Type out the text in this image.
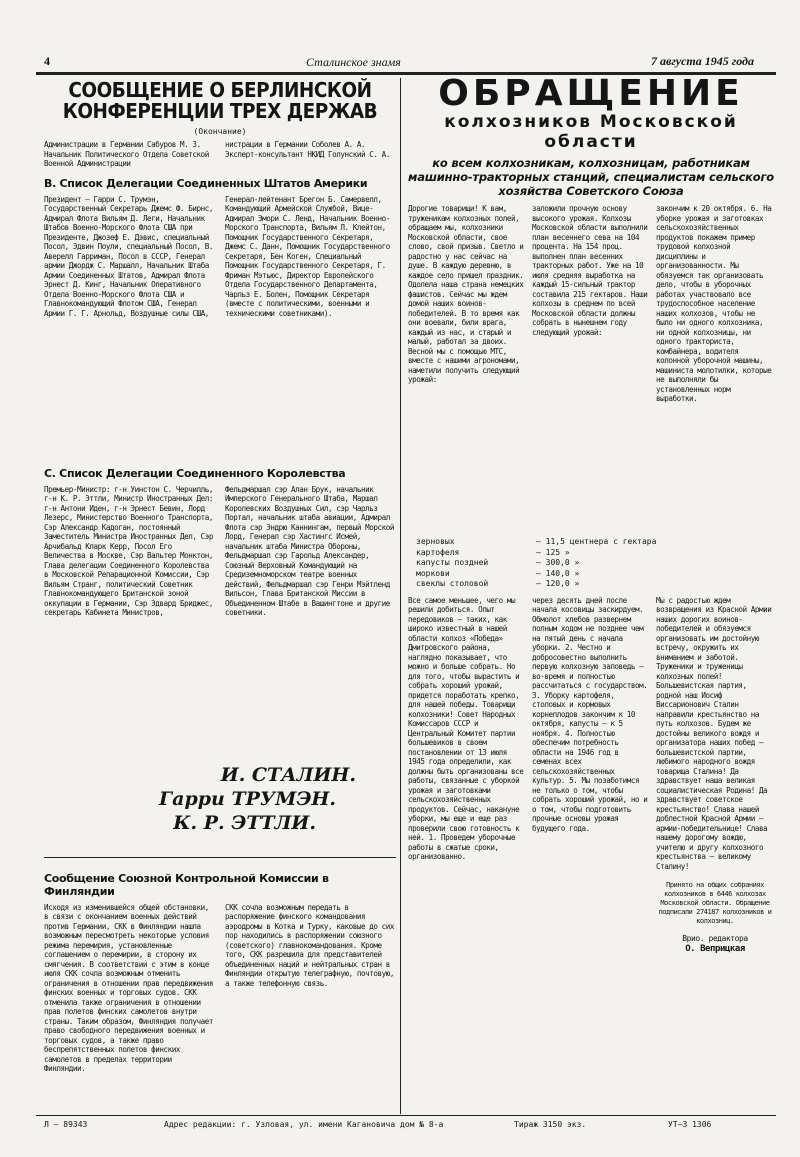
4	Сталинское знамя	7 августа 1945 года
СООБЩЕНИЕ О БЕРЛИНСКОЙ КОНФЕРЕНЦИИ ТРЕХ ДЕРЖАВ
(Окончание)
Администрации в Германии Сабуров М. З. Начальник Политического Отдела Советской Военной Администрации
нистрации в Германии Соболев А. А. Эксперт-консультант НКИД Голунский С. А.
В. Список Делегации Соединенных Штатов Америки
Президент — Гарри С. Трумэн, Государственный Секретарь Джемс Ф. Бирнс, Адмирал Флота Вильям Д. Леги, Начальник Штабов Военно-Морского Флота США при Президенте, Джозеф Е. Дэвис, специальный Посол, Эдвин Поули, специальный Посол, В. Аверелл Гарриман, Посол в СССР, Генерал армии Джордж С. Маршалл, Начальник Штаба Армии Соединенных Штатов, Адмирал Флота Эрнест Д. Кинг, Начальник Оперативного Отдела Военно-Морского Флота США и Главнокомандующий Флотом США, Генерал Армии Г. Г. Арнольд, Воздушные силы США,
Генерал-лейтенант Брегон Б. Самервелл, Командующий Армейской Службой, Вице-Адмирал Эмори С. Ленд, Начальник Военно-Морского Транспорта, Вильям Л. Клейтон, Помощник Государственного Секретаря, Джемс С. Данн, Помощник Государственного Секретаря, Бен Коген, Специальный Помощник Государственного Секретаря, Г. Фриман Мэтьюс, Директор Европейского Отдела Государственного Департамента, Чарльз Е. Болен, Помощник Секретаря (вместе с политическими, военными и техническими советниками).
С. Список Делегации Соединенного Королевства
Премьер-Министр: г-н Уинстон С. Черчилль, г-н К. Р. Эттли, Министр Иностранных Дел: г-н Антони Иден, г-н Эрнест Бевин, Лорд Лезерс, Министерство Военного Транспорта, Сэр Александр Кадоган, постоянный Заместитель Министра Иностранных Дел, Сэр Арчибальд Кларк Керр, Посол Его Величества в Москве, Сэр Вальтер Монктон, Глава делегации Соединенного Королевства в Московской Репарационной Комиссии, Сэр Вильям Странг, политический Советник Главнокомандующего Британской зоной оккупации в Германии, Сэр Эдвард Бриджес, секретарь Кабинета Министров,
Фельдмаршал сэр Алан Брук, начальник Имперского Генерального Штаба, Маршал Королевских Воздушных Сил, сэр Чарльз Портал, начальник штаба авиации, Адмирал Флота сэр Эндрю Каннингам, первый Морской Лорд, Генерал сэр Хастингс Исмей, начальник штаба Министра Обороны, Фельдмаршал сэр Гарольд Александер, Союзный Верховный Командующий на Средиземноморском театре военных действий, Фельдмаршал сэр Генри Мэйтленд Вильсон, Глава Британской Миссии в Объединенном Штабе в Вашингтоне и другие советники.
И. СТАЛИН.
Гарри ТРУМЭН.
К. Р. ЭТТЛИ.
Сообщение Союзной Контрольной Комиссии в Финляндии
Исходя из изменившейся общей обстановки, в связи с окончанием военных действий против Германии, СКК в Финляндии нашла возможным пересмотреть некоторые условия режима перемирия, установленные соглашением о перемирии, в сторону их смягчения. В соответствии с этим в конце июля СКК сочла возможным отменить ограничения в отношении прав передвижения финских военных и торговых судов. СКК отменила также ограничения в отношении прав полетов финских самолетов внутри страны. Таким образом, Финляндия получает право свободного передвижения военных и торговых судов, а также право беспрепятственных полетов финских самолетов в пределах территории Финляндии.
СКК сочла возможным передать в распоряжение финского командования аэродромы в Котка и Турку, каковые до сих пор находились в распоряжении союзного (советского) главнокомандования. Кроме того, СКК разрешила для представителей объединенных наций и нейтральных стран в Финляндии открытую телеграфную, почтовую, а также телефонную связь.
ОБРАЩЕНИЕ
колхозников Московской области
ко всем колхозникам, колхозницам, работникам машинно-тракторных станций, специалистам сельского хозяйства Советского Союза
Дорогие товарищи! К вам, труженикам колхозных полей, обращаем мы, колхозники Московской области, свое слово, свой призыв. Светло и радостно у нас сейчас на душе. В каждую деревню, в каждое село пришел праздник. Одолела наша страна немецких фашистов. Сейчас мы ждем домой наших воинов-победителей. В то время как они воевали, били врага, каждый из нас, и старый и малый, работал за двоих. Весной мы с помощью МТС, вместе с нашими агрономами, наметили получить следующий урожай:
заложили прочную основу высокого урожая. Колхозы Московской области выполнили план весеннего сева на 104 процента. На 154 проц. выполнен план весенних тракторных работ. Уже на 10 июля средняя выработка на каждый 15-сильный трактор составила 215 гектаров. Наши колхозы в среднем по всей Московской области должны собрать в нынешнем году следующий урожай:
закончим к 20 октября. 6. На уборке урожая и заготовках сельскохозяйственных продуктов покажем пример трудовой колхозной дисциплины и организованности. Мы обязуемся так организовать дело, чтобы в уборочных работах участвовало все трудоспособное население наших колхозов, чтобы не было ни одного колхозника, ни одной колхозницы, ни одного тракториста, комбайнера, водителя колонной уборочной машины, машиниста молотилки, которые не выполняли бы установленных норм выработки.
зерновых	— 11,5 центнера с гектара
картофеля	— 125 »
капусты поздней	— 300,0 »
моркови	— 140,0 »
свеклы столовой	— 120,0 »
Все самое меньшее, чего мы решили добиться. Опыт передовиков — таких, как широко известный в нашей области колхоз «Победа» Дмитровского района, наглядно показывает, что можно и больше собрать. Но для того, чтобы вырастить и собрать хороший урожай, придется поработать крепко, для нашей победы. Товарищи колхозники! Совет Народных Комиссаров СССР и Центральный Комитет партии большевиков в своем постановлении от 13 июля 1945 года определили, как должны быть организованы все работы, связанные с уборкой урожая и заготовками сельскохозяйственных продуктов. Сейчас, накануне уборки, мы еще и еще раз проверили свою готовность к ней. 1. Проведем уборочные работы в сжатые сроки, организованно.
через десять дней после начала косовицы заскирдуем. Обмолот хлебов развернем полным ходом не позднее чем на пятый день с начала уборки. 2. Честно и добросовестно выполнить первую колхозную заповедь — во-время и полностью рассчитаться с государством. 3. Уборку картофеля, столовых и кормовых корнеплодов закончим к 10 октября, капусты — к 5 ноября. 4. Полностью обеспечим потребность области на 1946 год в семенах всех сельскохозяйственных культур. 5. Мы позаботимся не только о том, чтобы собрать хороший урожай, но и о том, чтобы подготовить прочные основы урожая будущего года.
Мы с радостью ждем возвращения из Красной Армии наших дорогих воинов-победителей и обязуемся организовать им достойную встречу, окружить их вниманием и заботой. Труженики и труженицы колхозных полей! Большевистская партия, родной наш Иосиф Виссарионович Сталин направили крестьянство на путь колхозов. Будем же достойны великого вождя и организатора наших побед — большевистской партии, любимого народного вождя товарища Сталина! Да здравствует наша великая социалистическая Родина! Да здравствует советское крестьянство! Слава нашей доблестной Красной Армии — армии-победительнице! Слава нашему дорогому вождю, учителю и другу колхозного крестьянства — великому Сталину!
Принято на общих собраниях колхозников в 6446 колхозах Московской области. Обращение подписали 274187 колхозников и колхозниц.
Врио. редактора
О. Веприцкая
Л — 89343	Адрес редакции: г. Узловая, ул. имени Кагановича дом № 8-а	Тираж 3150 экз.	УТ—3 1306
